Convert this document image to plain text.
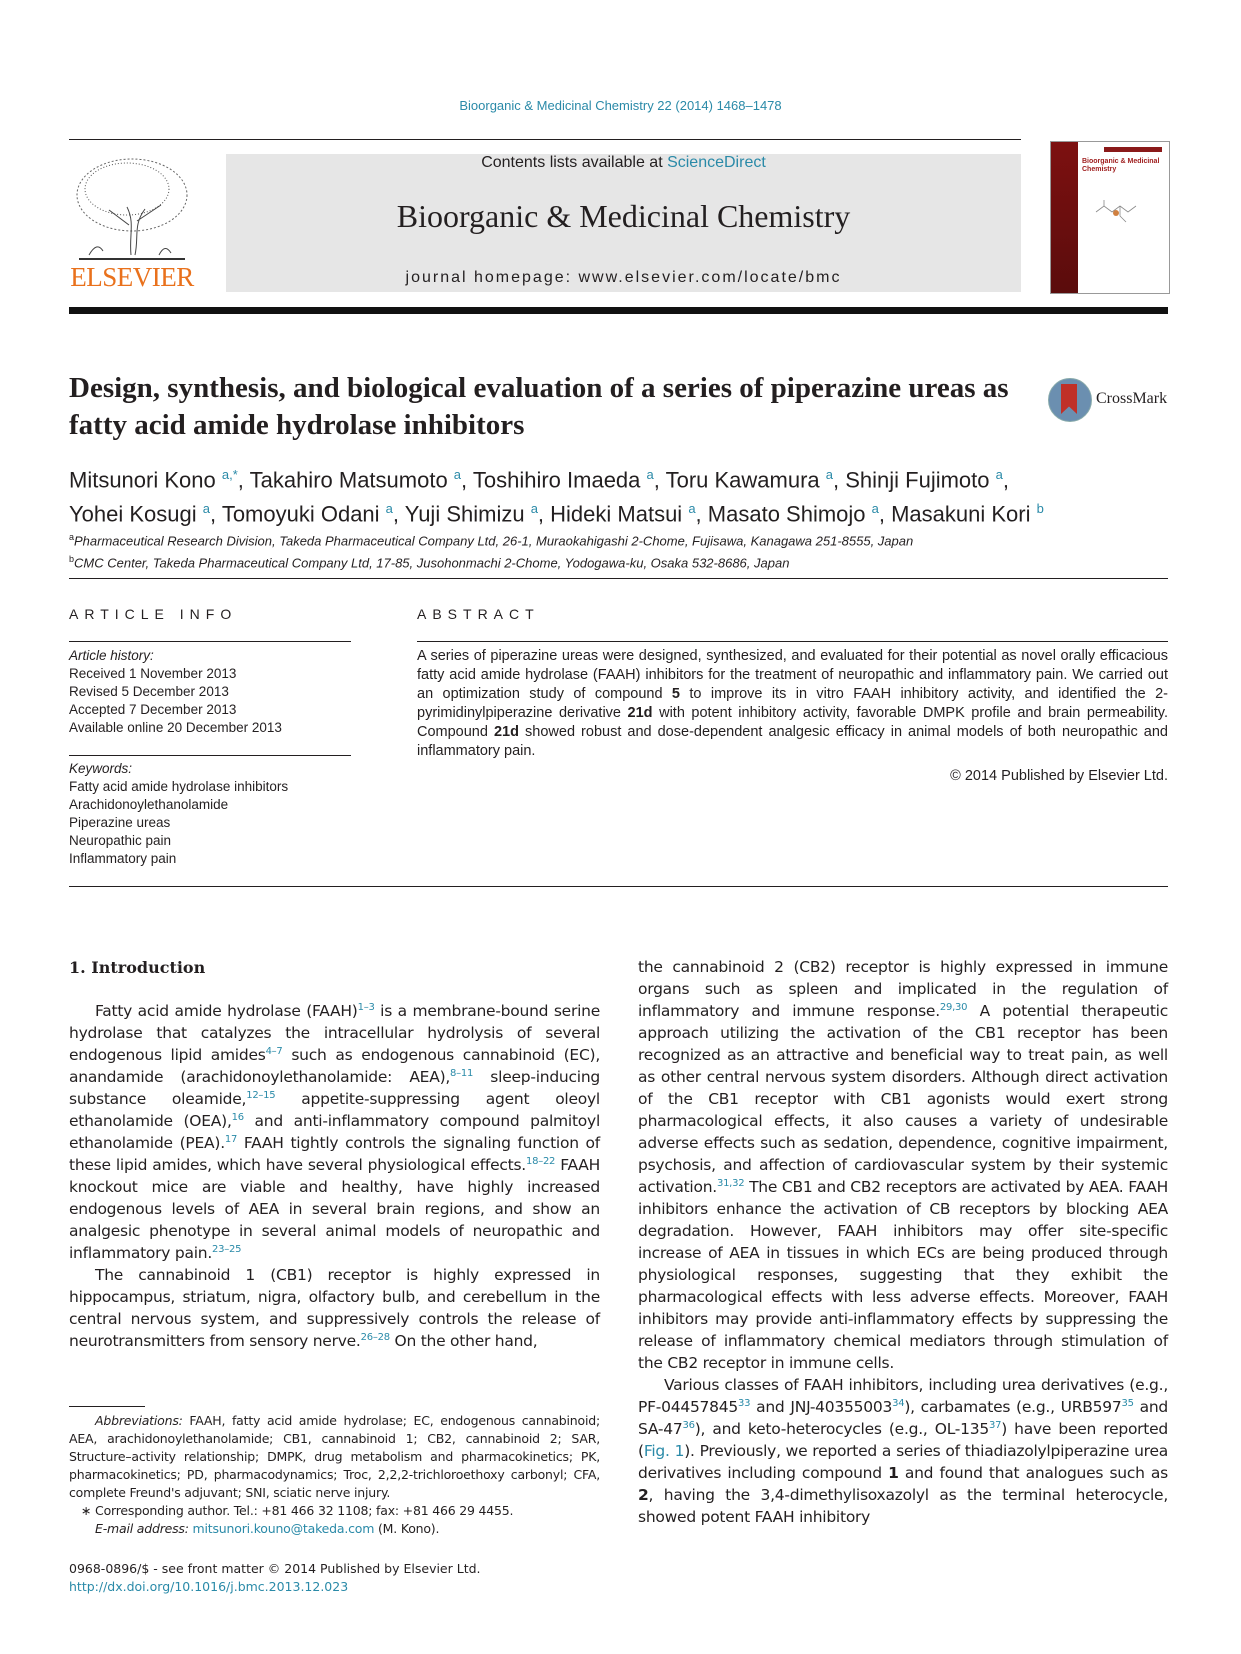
Bioorganic & Medicinal Chemistry 22 (2014) 1468–1478
ELSEVIER
Contents lists available at ScienceDirect
Bioorganic & Medicinal Chemistry
journal homepage: www.elsevier.com/locate/bmc
Bioorganic & Medicinal Chemistry
Design, synthesis, and biological evaluation of a series of piperazine ureas as fatty acid amide hydrolase inhibitors
CrossMark
Mitsunori Kono $^{a,*}$, Takahiro Matsumoto $^a$, Toshihiro Imaeda $^a$, Toru Kawamura $^a$, Shinji Fujimoto $^a$,
Yohei Kosugi $^a$, Tomoyuki Odani $^a$, Yuji Shimizu $^a$, Hideki Matsui $^a$, Masato Shimojo $^a$, Masakuni Kori $^b$
$^a$Pharmaceutical Research Division, Takeda Pharmaceutical Company Ltd, 26-1, Muraokahigashi 2-Chome, Fujisawa, Kanagawa 251-8555, Japan
$^b$CMC Center, Takeda Pharmaceutical Company Ltd, 17-85, Jusohonmachi 2-Chome, Yodogawa-ku, Osaka 532-8686, Japan
ARTICLE INFO	ABSTRACT
Article history:
Received 1 November 2013
Revised 5 December 2013
Accepted 7 December 2013
Available online 20 December 2013
Keywords:
Fatty acid amide hydrolase inhibitors
Arachidonoylethanolamide
Piperazine ureas
Neuropathic pain
Inflammatory pain
A series of piperazine ureas were designed, synthesized, and evaluated for their potential as novel orally efficacious fatty acid amide hydrolase (FAAH) inhibitors for the treatment of neuropathic and inflammatory pain. We carried out an optimization study of compound 5 to improve its in vitro FAAH inhibitory activity, and identified the 2-pyrimidinylpiperazine derivative 21d with potent inhibitory activity, favorable DMPK profile and brain permeability. Compound 21d showed robust and dose-dependent analgesic efficacy in animal models of both neuropathic and inflammatory pain.
© 2014 Published by Elsevier Ltd.
1. Introduction

Fatty acid amide hydrolase (FAAH)$^{1-3}$ is a membrane-bound serine hydrolase that catalyzes the intracellular hydrolysis of several endogenous lipid amides$^{4-7}$ such as endogenous cannabinoid (EC), anandamide (arachidonoylethanolamide: AEA),$^{8-11}$ sleep-inducing substance oleamide,$^{12-15}$ appetite-suppressing agent oleoyl ethanolamide (OEA),$^{16}$ and anti-inflammatory compound palmitoyl ethanolamide (PEA).$^{17}$ FAAH tightly controls the signaling function of these lipid amides, which have several physiological effects.$^{18-22}$ FAAH knockout mice are viable and healthy, have highly increased endogenous levels of AEA in several brain regions, and show an analgesic phenotype in several animal models of neuropathic and inflammatory pain.$^{23-25}$

The cannabinoid 1 (CB1) receptor is highly expressed in hippocampus, striatum, nigra, olfactory bulb, and cerebellum in the central nervous system, and suppressively controls the release of neurotransmitters from sensory nerve.$^{26-28}$ On the other hand,

the cannabinoid 2 (CB2) receptor is highly expressed in immune organs such as spleen and implicated in the regulation of inflammatory and immune response.$^{29,30}$ A potential therapeutic approach utilizing the activation of the CB1 receptor has been recognized as an attractive and beneficial way to treat pain, as well as other central nervous system disorders. Although direct activation of the CB1 receptor with CB1 agonists would exert strong pharmacological effects, it also causes a variety of undesirable adverse effects such as sedation, dependence, cognitive impairment, psychosis, and affection of cardiovascular system by their systemic activation.$^{31,32}$ The CB1 and CB2 receptors are activated by AEA. FAAH inhibitors enhance the activation of CB receptors by blocking AEA degradation. However, FAAH inhibitors may offer site-specific increase of AEA in tissues in which ECs are being produced through physiological responses, suggesting that they exhibit the pharmacological effects with less adverse effects. Moreover, FAAH inhibitors may provide anti-inflammatory effects by suppressing the release of inflammatory chemical mediators through stimulation of the CB2 receptor in immune cells.

Various classes of FAAH inhibitors, including urea derivatives (e.g., PF-04457845$^{33}$ and JNJ-40355003$^{34}$), carbamates (e.g., $URB597^{35}$ and $SA-47^{36}$), and keto-heterocycles (e.g., $OL-135^{37}$) have been reported (Fig. 1). Previously, we reported a series of thiadiazolylpiperazine urea derivatives including compound 1 and found that analogues such as 2, having the 3,4-dimethylisoxazolyl as the terminal heterocycle, showed potent FAAH inhibitory

Abbreviations: FAAH, fatty acid amide hydrolase; EC, endogenous cannabinoid; AEA, arachidonoylethanolamide; CB1, cannabinoid 1; CB2, cannabinoid 2; SAR, Structure–activity relationship; DMPK, drug metabolism and pharmacokinetics; PK, pharmacokinetics; PD, pharmacodynamics; Troc, 2,2,2-trichloroethoxy carbonyl; CFA, complete Freund's adjuvant; SNI, sciatic nerve injury.

∗ Corresponding author. Tel.: +81 466 32 1108; fax: +81 466 29 4455.

E-mail address: mitsunori.kouno@takeda.com (M. Kono).

0968-0896/$ - see front matter © 2014 Published by Elsevier Ltd.
http://dx.doi.org/10.1016/j.bmc.2013.12.023
